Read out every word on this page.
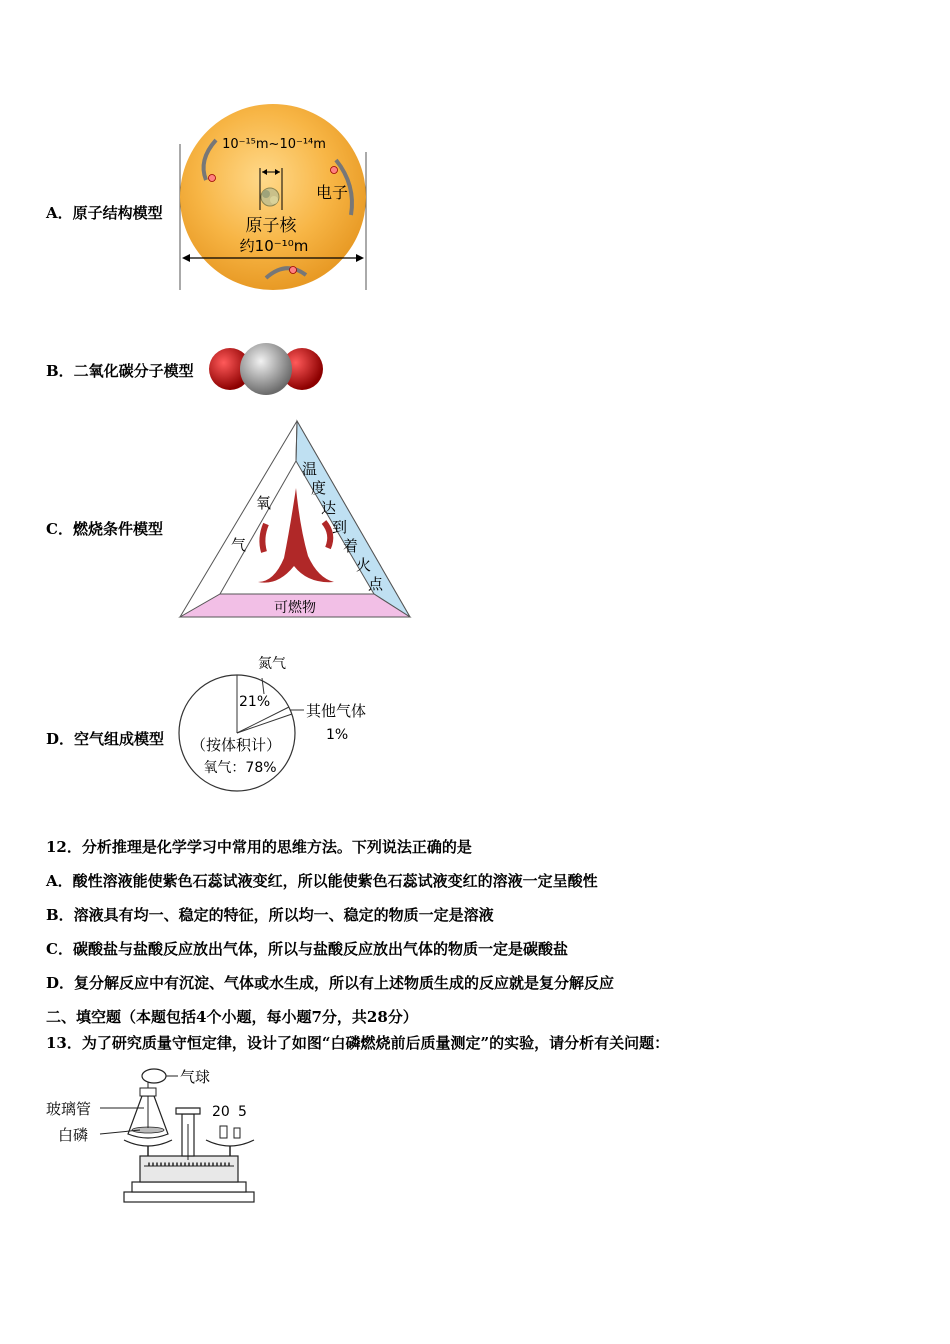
A．原子结构模型
10⁻¹⁵m~10⁻¹⁴m
电子
原子核
约10⁻¹⁰m
B．二氧化碳分子模型
C．燃烧条件模型
氧
气
温
度
达
到
着
火
点
可燃物
D．空气组成模型
氮气
21% 其他气体
1%
（按体积计）
氧气：78%
12．分析推理是化学学习中常用的思维方法。下列说法正确的是
A．酸性溶液能使紫色石蕊试液变红，所以能使紫色石蕊试液变红的溶液一定呈酸性
B．溶液具有均一、稳定的特征，所以均一、稳定的物质一定是溶液
C．碳酸盐与盐酸反应放出气体，所以与盐酸反应放出气体的物质一定是碳酸盐
D．复分解反应中有沉淀、气体或水生成，所以有上述物质生成的反应就是复分解反应
二、填空题（本题包括4个小题，每小题7分，共28分）
13．为了研究质量守恒定律，设计了如图“白磷燃烧前后质量测定”的实验，请分析有关问题：
气球
玻璃管
白磷
20 5
